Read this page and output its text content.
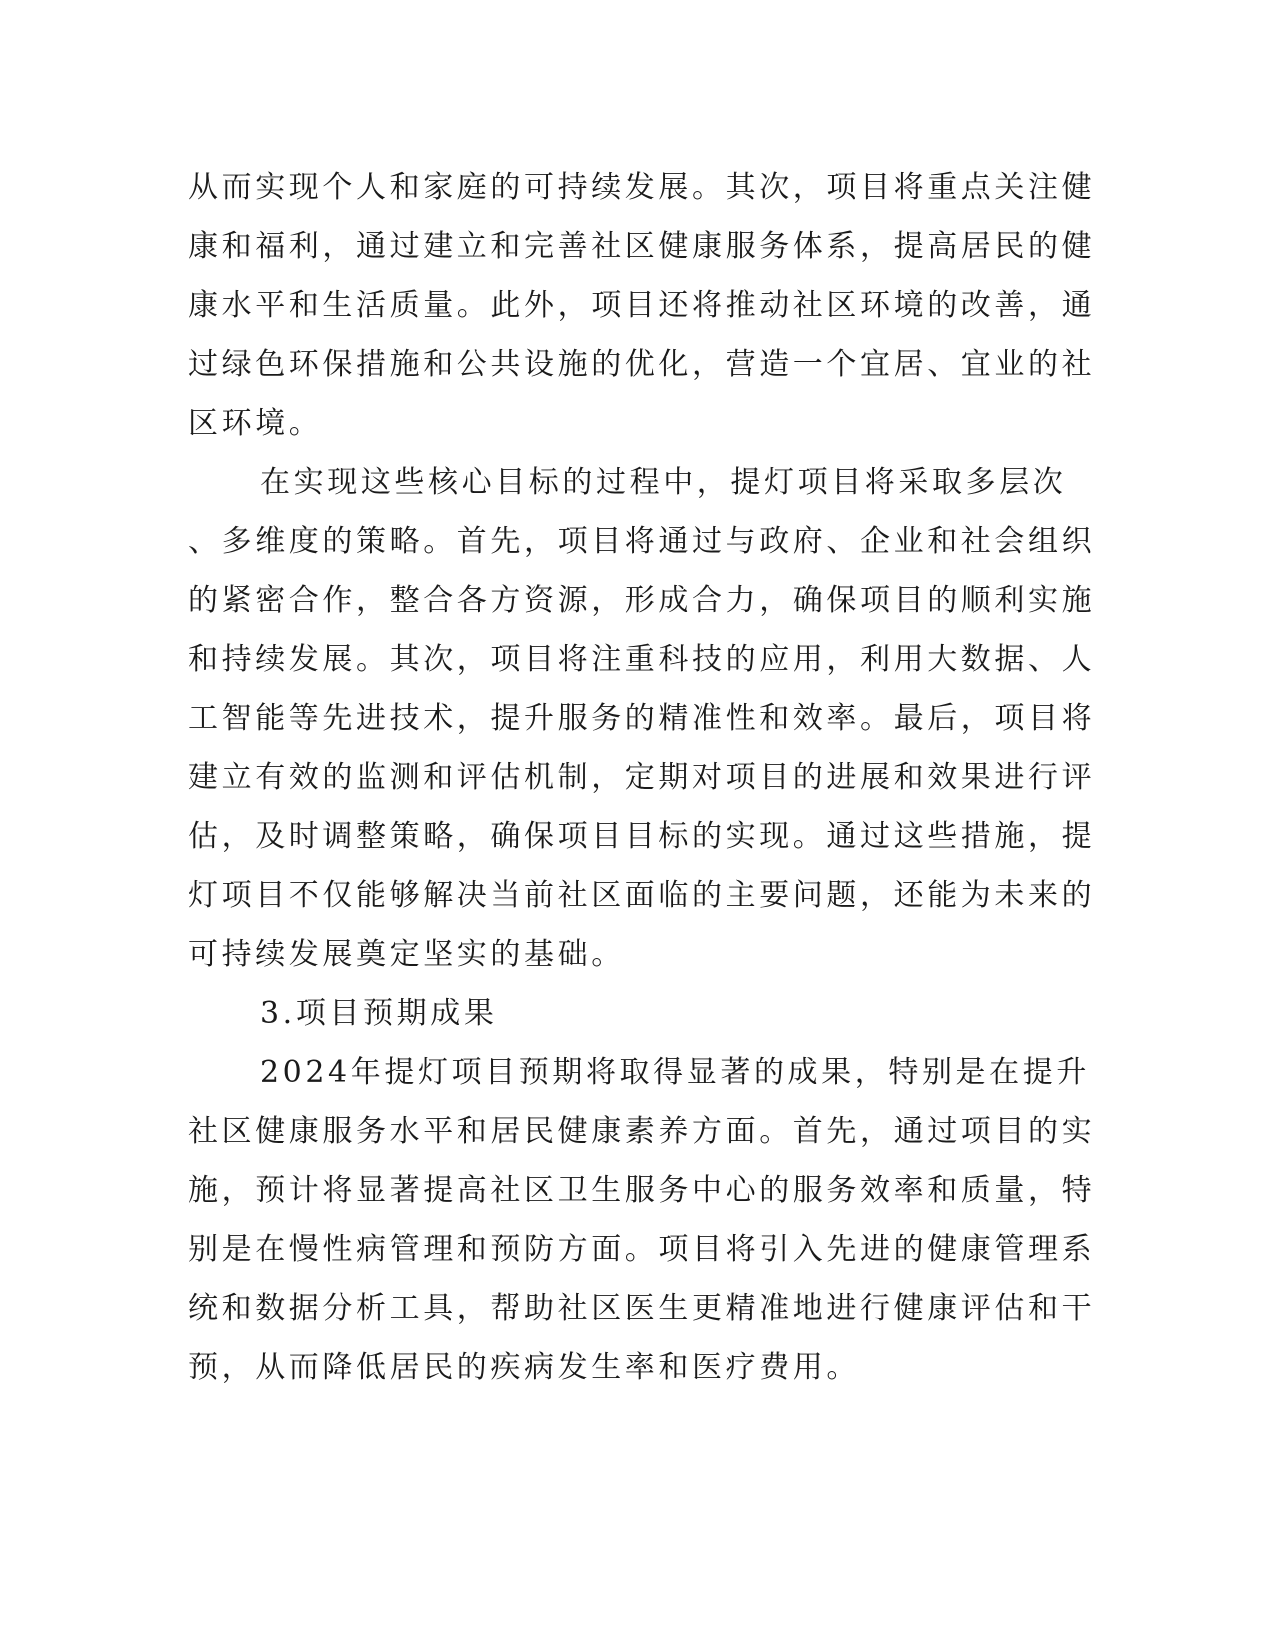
从而实现个人和家庭的可持续发展。其次，项目将重点关注健
康和福利，通过建立和完善社区健康服务体系，提高居民的健
康水平和生活质量。此外，项目还将推动社区环境的改善，通
过绿色环保措施和公共设施的优化，营造一个宜居、宜业的社
区环境。
在实现这些核心目标的过程中，提灯项目将采取多层次
、多维度的策略。首先，项目将通过与政府、企业和社会组织
的紧密合作，整合各方资源，形成合力，确保项目的顺利实施
和持续发展。其次，项目将注重科技的应用，利用大数据、人
工智能等先进技术，提升服务的精准性和效率。最后，项目将
建立有效的监测和评估机制，定期对项目的进展和效果进行评
估，及时调整策略，确保项目目标的实现。通过这些措施，提
灯项目不仅能够解决当前社区面临的主要问题，还能为未来的
可持续发展奠定坚实的基础。
3.项目预期成果
2024年提灯项目预期将取得显著的成果，特别是在提升
社区健康服务水平和居民健康素养方面。首先，通过项目的实
施，预计将显著提高社区卫生服务中心的服务效率和质量，特
别是在慢性病管理和预防方面。项目将引入先进的健康管理系
统和数据分析工具，帮助社区医生更精准地进行健康评估和干
预，从而降低居民的疾病发生率和医疗费用。
